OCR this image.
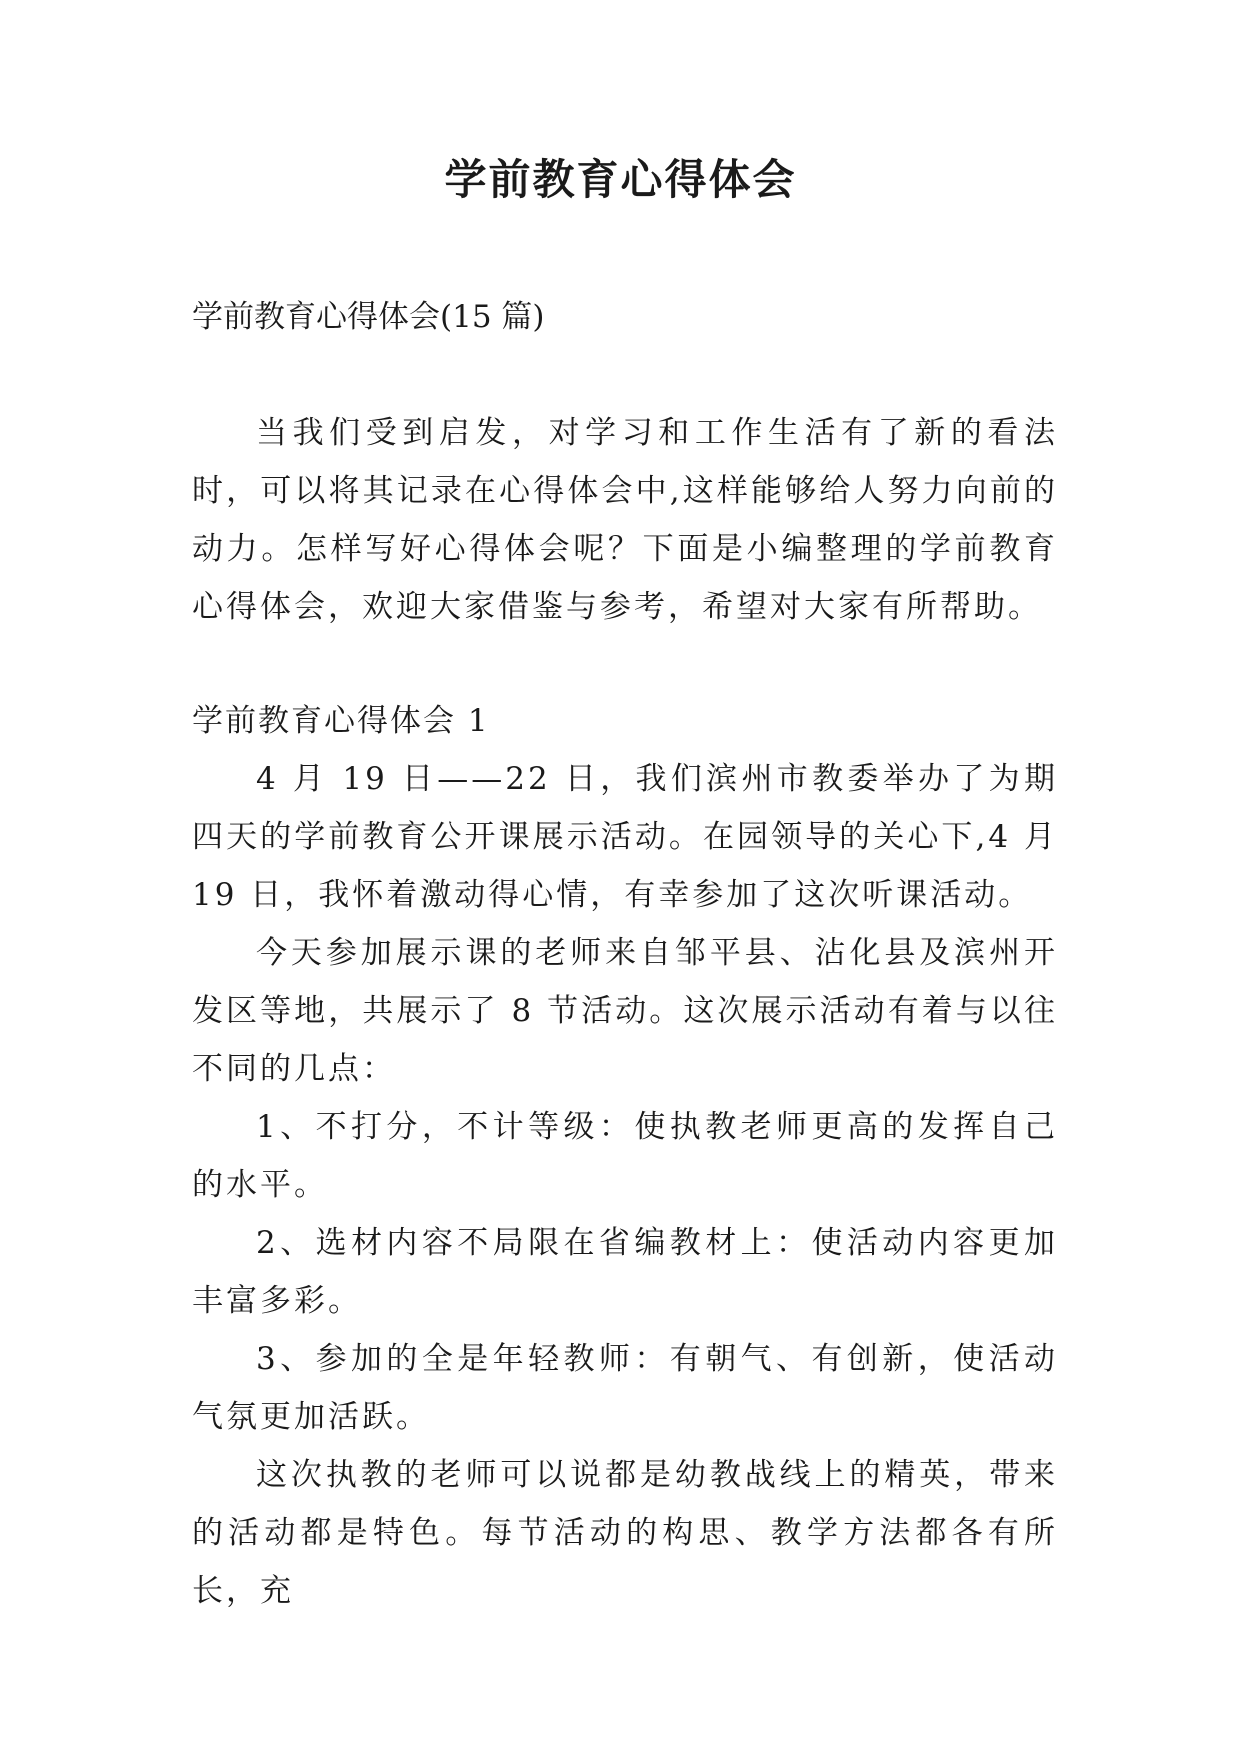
学前教育心得体会
学前教育心得体会(15 篇)

当我们受到启发，对学习和工作生活有了新的看法时，可以将其记录在心得体会中,这样能够给人努力向前的动力。怎样写好心得体会呢？下面是小编整理的学前教育心得体会，欢迎大家借鉴与参考，希望对大家有所帮助。

学前教育心得体会 1

4 月 19 日——22 日，我们滨州市教委举办了为期四天的学前教育公开课展示活动。在园领导的关心下,4 月 19 日，我怀着激动得心情，有幸参加了这次听课活动。

今天参加展示课的老师来自邹平县、沾化县及滨州开发区等地，共展示了 8 节活动。这次展示活动有着与以往不同的几点：

1、不打分，不计等级：使执教老师更高的发挥自己的水平。

2、选材内容不局限在省编教材上：使活动内容更加丰富多彩。

3、参加的全是年轻教师：有朝气、有创新，使活动气氛更加活跃。

这次执教的老师可以说都是幼教战线上的精英，带来的活动都是特色。每节活动的构思、教学方法都各有所长，充
